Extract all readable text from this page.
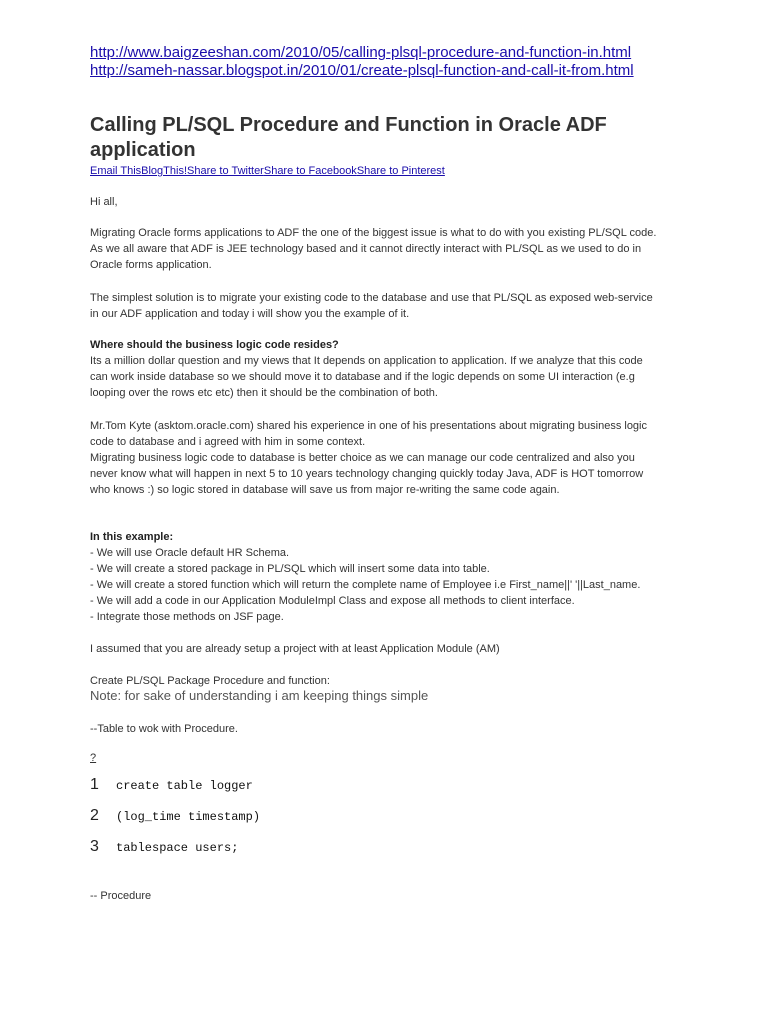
http://www.baigzeeshan.com/2010/05/calling-plsql-procedure-and-function-in.html
http://sameh-nassar.blogspot.in/2010/01/create-plsql-function-and-call-it-from.html
Calling PL/SQL Procedure and Function in Oracle ADF
application
Email ThisBlogThis!Share to TwitterShare to FacebookShare to Pinterest
Hi all,
Migrating Oracle forms applications to ADF the one of the biggest issue is what to do with you existing PL/SQL code.
As we all aware that ADF is JEE technology based and it cannot directly interact with PL/SQL as we used to do in
Oracle forms application.
The simplest solution is to migrate your existing code to the database and use that PL/SQL as exposed web-service
in our ADF application and today i will show you the example of it.
Where should the business logic code resides?
Its a million dollar question and my views that It depends on application to application. If we analyze that this code
can work inside database so we should move it to database and if the logic depends on some UI interaction (e.g
looping over the rows etc etc) then it should be the combination of both.
Mr.Tom Kyte (asktom.oracle.com) shared his experience in one of his presentations about migrating business logic
code to database and i agreed with him in some context.
Migrating business logic code to database is better choice as we can manage our code centralized and also you
never know what will happen in next 5 to 10 years technology changing quickly today Java, ADF is HOT tomorrow
who knows :) so logic stored in database will save us from major re-writing the same code again.
In this example:
- We will use Oracle default HR Schema.
- We will create a stored package in PL/SQL which will insert some data into table.
- We will create a stored function which will return the complete name of Employee i.e First_name||' '||Last_name.
- We will add a code in our Application ModuleImpl Class and expose all methods to client interface.
- Integrate those methods on JSF page.
I assumed that you are already setup a project with at least Application Module (AM)
Create PL/SQL Package Procedure and function:
Note: for sake of understanding i am keeping things simple
--Table to wok with Procedure.
?
1 create table logger
2 (log_time timestamp)
3 tablespace users;
-- Procedure
